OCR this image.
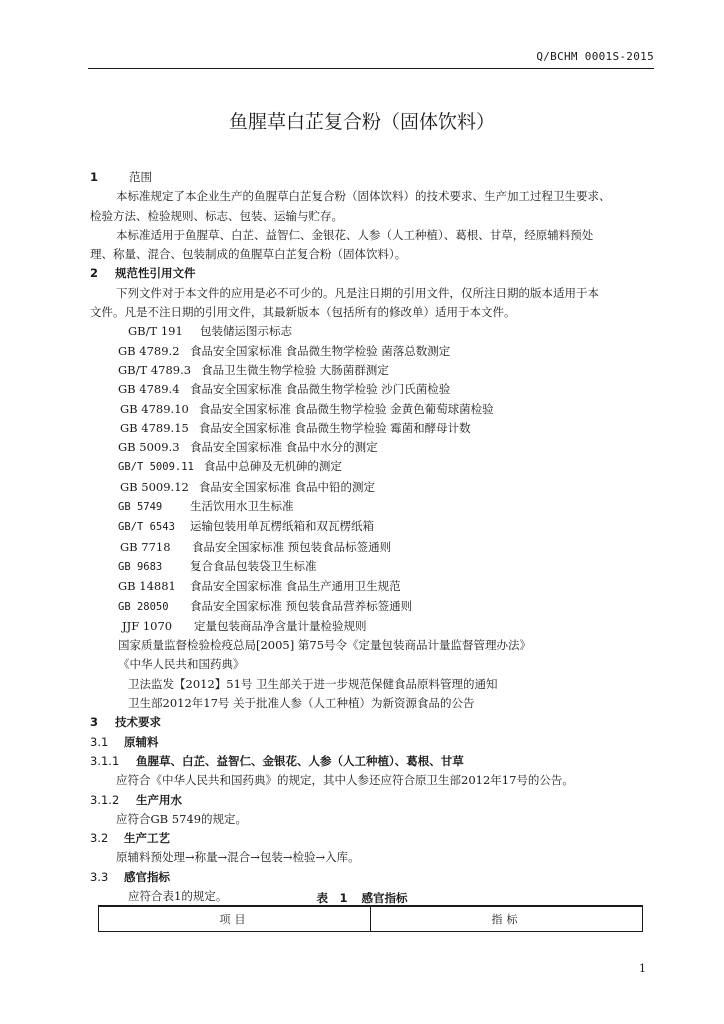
Q/BCHM 0001S-2015
鱼腥草白芷复合粉（固体饮料）
1	范围
本标准规定了本企业生产的鱼腥草白芷复合粉（固体饮料）的技术要求、生产加工过程卫生要求、
检验方法、检验规则、标志、包装、运输与贮存。
本标准适用于鱼腥草、白芷、益智仁、金银花、人参（人工种植）、葛根、甘草，经原辅料预处
理、称量、混合、包装制成的鱼腥草白芷复合粉（固体饮料）。
2 规范性引用文件
下列文件对于本文件的应用是必不可少的。凡是注日期的引用文件，仅所注日期的版本适用于本
文件。凡是不注日期的引用文件，其最新版本（包括所有的修改单）适用于本文件。
GB/T 191 包装储运图示标志
GB 4789.2 食品安全国家标准 食品微生物学检验 菌落总数测定
GB/T 4789.3 食品卫生微生物学检验 大肠菌群测定
GB 4789.4 食品安全国家标准 食品微生物学检验 沙门氏菌检验
GB 4789.10 食品安全国家标准 食品微生物学检验 金黄色葡萄球菌检验
GB 4789.15 食品安全国家标准 食品微生物学检验 霉菌和酵母计数
GB 5009.3 食品安全国家标准 食品中水分的测定
GB/T 5009.11 食品中总砷及无机砷的测定
GB 5009.12 食品安全国家标准 食品中铅的测定
GB 5749 生活饮用水卫生标准
GB/T 6543 运输包装用单瓦楞纸箱和双瓦楞纸箱
GB 7718 食品安全国家标准 预包装食品标签通则
GB 9683 复合食品包装袋卫生标准
GB 14881 食品安全国家标准 食品生产通用卫生规范
GB 28050 食品安全国家标准 预包装食品营养标签通则
JJF 1070 定量包装商品净含量计量检验规则
国家质量监督检验检疫总局[2005] 第75号令《定量包装商品计量监督管理办法》
《中华人民共和国药典》
卫法监发【2012】51号 卫生部关于进一步规范保健食品原料管理的通知
卫生部2012年17号 关于批准人参（人工种植）为新资源食品的公告
3 技术要求
3.1 原辅料
3.1.1 鱼腥草、白芷、益智仁、金银花、人参（人工种植）、葛根、甘草
应符合《中华人民共和国药典》的规定，其中人参还应符合原卫生部2012年17号的公告。
3.1.2 生产用水
应符合GB 5749的规定。
3.2 生产工艺
原辅料预处理→称量→混合→包装→检验→入库。
3.3 感官指标
应符合表1的规定。	表　1 感官指标
项目	指标
1
